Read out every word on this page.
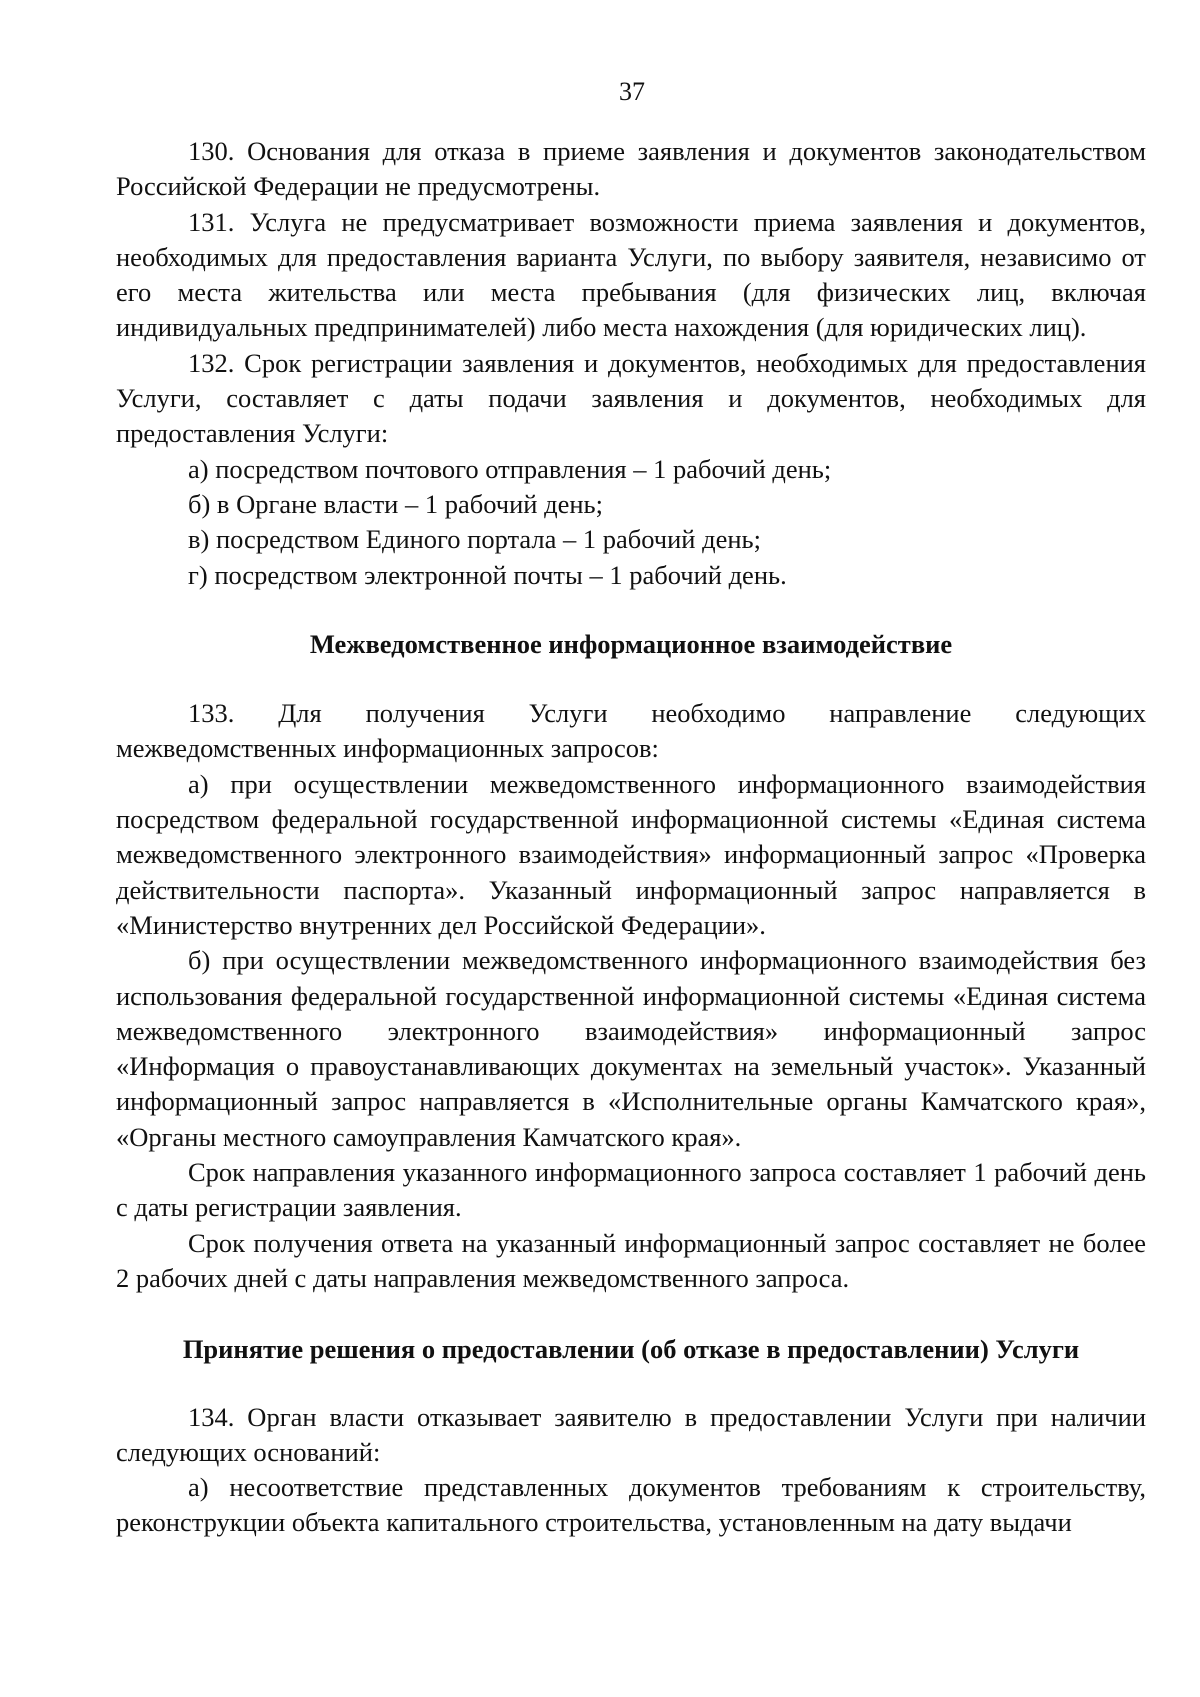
37

130. Основания для отказа в приеме заявления и документов законодательством Российской Федерации не предусмотрены.

131. Услуга не предусматривает возможности приема заявления и документов, необходимых для предоставления варианта Услуги, по выбору заявителя, независимо от его места жительства или места пребывания (для физических лиц, включая индивидуальных предпринимателей) либо места нахождения (для юридических лиц).

132. Срок регистрации заявления и документов, необходимых для предоставления Услуги, составляет с даты подачи заявления и документов, необходимых для предоставления Услуги:

а) посредством почтового отправления – 1 рабочий день;

б) в Органе власти – 1 рабочий день;

в) посредством Единого портала – 1 рабочий день;

г) посредством электронной почты – 1 рабочий день.

Межведомственное информационное взаимодействие

133. Для получения Услуги необходимо направление следующих межведомственных информационных запросов:

а) при осуществлении межведомственного информационного взаимодействия посредством федеральной государственной информационной системы «Единая система межведомственного электронного взаимодействия» информационный запрос «Проверка действительности паспорта». Указанный информационный запрос направляется в «Министерство внутренних дел Российской Федерации».

б) при осуществлении межведомственного информационного взаимодействия без использования федеральной государственной информационной системы «Единая система межведомственного электронного взаимодействия» информационный запрос «Информация о правоустанавливающих документах на земельный участок». Указанный информационный запрос направляется в «Исполнительные органы Камчатского края», «Органы местного самоуправления Камчатского края».

Срок направления указанного информационного запроса составляет 1 рабочий день с даты регистрации заявления.

Срок получения ответа на указанный информационный запрос составляет не более 2 рабочих дней с даты направления межведомственного запроса.

Принятие решения о предоставлении (об отказе в предоставлении) Услуги

134. Орган власти отказывает заявителю в предоставлении Услуги при наличии следующих оснований:

а) несоответствие представленных документов требованиям к строительству, реконструкции объекта капитального строительства, установленным на дату выдачи
